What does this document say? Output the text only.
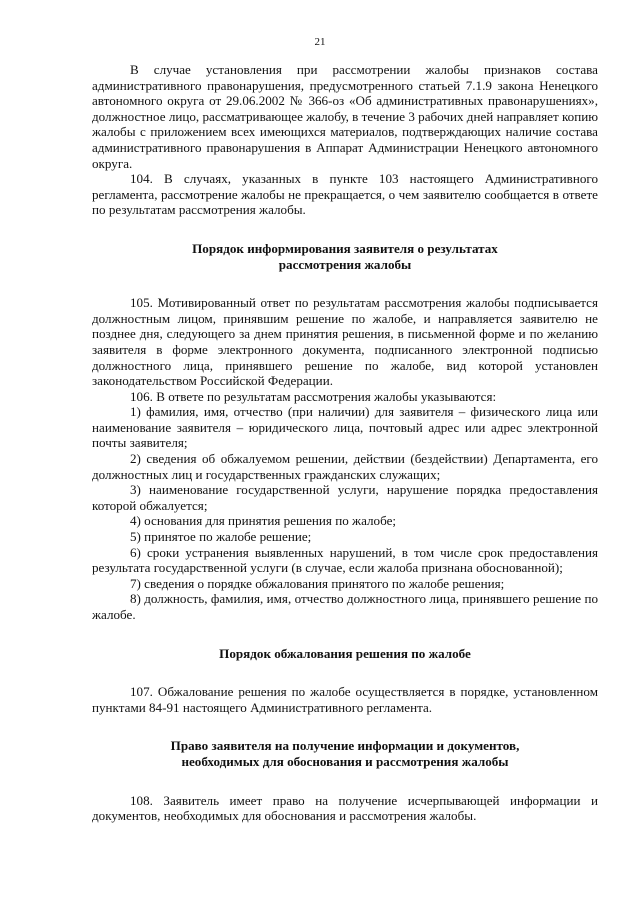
21

В случае установления при рассмотрении жалобы признаков состава административного правонарушения, предусмотренного статьей 7.1.9 закона Ненецкого автономного округа от 29.06.2002 № 366-оз «Об административных правонарушениях», должностное лицо, рассматривающее жалобу, в течение 3 рабочих дней направляет копию жалобы с приложением всех имеющихся материалов, подтверждающих наличие состава административного правонарушения в Аппарат Администрации Ненецкого автономного округа.

104. В случаях, указанных в пункте 103 настоящего Административного регламента, рассмотрение жалобы не прекращается, о чем заявителю сообщается в ответе по результатам рассмотрения жалобы.

Порядок информирования заявителя о результатах
рассмотрения жалобы

105. Мотивированный ответ по результатам рассмотрения жалобы подписывается должностным лицом, принявшим решение по жалобе, и направляется заявителю не позднее дня, следующего за днем принятия решения, в письменной форме и по желанию заявителя в форме электронного документа, подписанного электронной подписью должностного лица, принявшего решение по жалобе, вид которой установлен законодательством Российской Федерации.

106. В ответе по результатам рассмотрения жалобы указываются:

1) фамилия, имя, отчество (при наличии) для заявителя – физического лица или наименование заявителя – юридического лица, почтовый адрес или адрес электронной почты заявителя;

2) сведения об обжалуемом решении, действии (бездействии) Департамента, его должностных лиц и государственных гражданских служащих;

3) наименование государственной услуги, нарушение порядка предоставления которой обжалуется;

4) основания для принятия решения по жалобе;

5) принятое по жалобе решение;

6) сроки устранения выявленных нарушений, в том числе срок предоставления результата государственной услуги (в случае, если жалоба признана обоснованной);

7) сведения о порядке обжалования принятого по жалобе решения;

8) должность, фамилия, имя, отчество должностного лица, принявшего решение по жалобе.

Порядок обжалования решения по жалобе

107. Обжалование решения по жалобе осуществляется в порядке, установленном пунктами 84-91 настоящего Административного регламента.

Право заявителя на получение информации и документов,
необходимых для обоснования и рассмотрения жалобы

108. Заявитель имеет право на получение исчерпывающей информации и документов, необходимых для обоснования и рассмотрения жалобы.
